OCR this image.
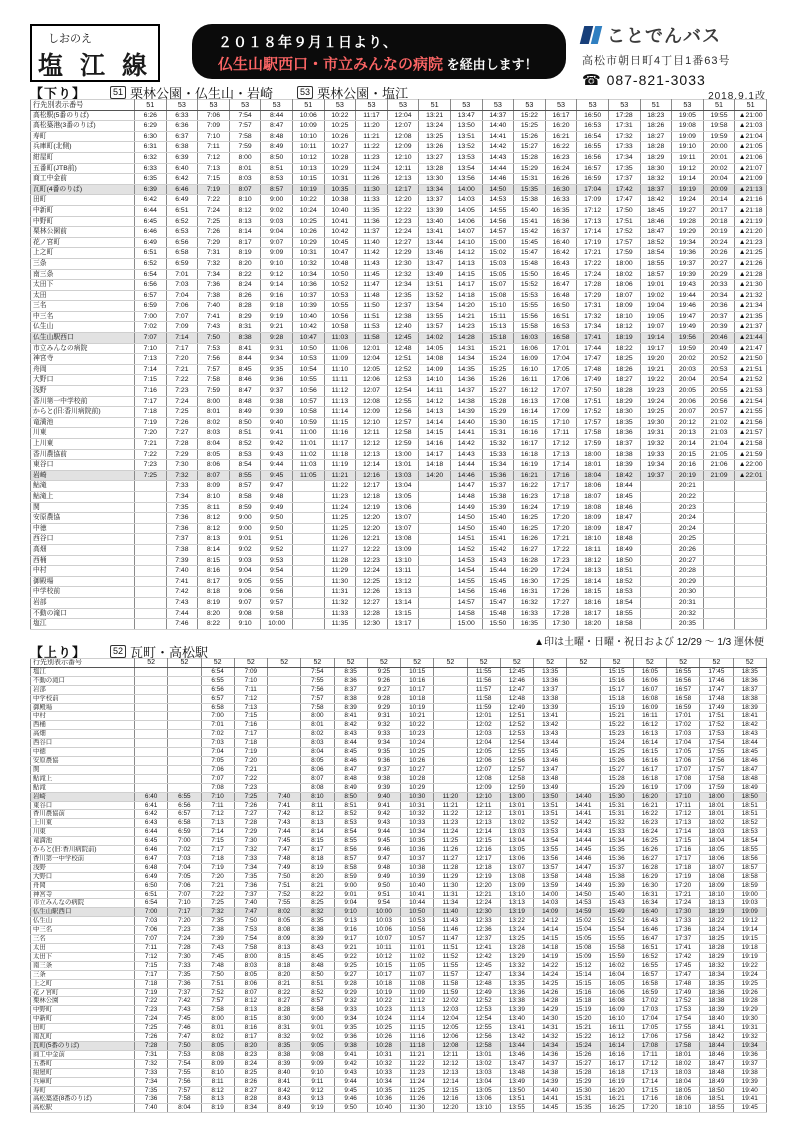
しおのえ
塩 江 線
２０１８年９月１日より、
仏生山駅西口・市立みんなの病院 を経由します！
ことでんバス
高松市朝日町4丁目1番63号
☎ 087-821-3033
【下り】	51 栗林公園・仏生山・岩崎	53 栗林公園・塩江	2018.9.1改
行先別表示番号	51	53	53	53	53	51	53	53	53	51	53	53	53	53	53	53	51	53	51	51
高松駅(5番のりば)	6:26	6:33	7:06	7:54	8:44	10:06	10:22	11:17	12:04	13:21	13:47	14:37	15:22	16:17	16:50	17:28	18:23	19:05	19:55	▲21:00
高松築港(3番のりば)	6:29	6:36	7:09	7:57	8:47	10:09	10:25	11:20	12:07	13:24	13:50	14:40	15:25	16:20	16:53	17:31	18:26	19:08	19:58	▲21:03
寿町	6:30	6:37	7:10	7:58	8:48	10:10	10:26	11:21	12:08	13:25	13:51	14:41	15:26	16:21	16:54	17:32	18:27	19:09	19:59	▲21:04
兵庫町(北側)	6:31	6:38	7:11	7:59	8:49	10:11	10:27	11:22	12:09	13:26	13:52	14:42	15:27	16:22	16:55	17:33	18:28	19:10	20:00	▲21:05
紺屋町	6:32	6:39	7:12	8:00	8:50	10:12	10:28	11:23	12:10	13:27	13:53	14:43	15:28	16:23	16:56	17:34	18:29	19:11	20:01	▲21:06
五番町(JTB前)	6:33	6:40	7:13	8:01	8:51	10:13	10:29	11:24	12:11	13:28	13:54	14:44	15:29	16:24	16:57	17:35	18:30	19:12	20:02	▲21:07
商工中金前	6:35	6:42	7:15	8:03	8:53	10:15	10:31	11:26	12:13	13:30	13:56	14:46	15:31	16:26	16:59	17:37	18:32	19:14	20:04	▲21:09
瓦町(4番のりば)	6:39	6:46	7:19	8:07	8:57	10:19	10:35	11:30	12:17	13:34	14:00	14:50	15:35	16:30	17:04	17:42	18:37	19:19	20:09	▲21:13
田町	6:42	6:49	7:22	8:10	9:00	10:22	10:38	11:33	12:20	13:37	14:03	14:53	15:38	16:33	17:09	17:47	18:42	19:24	20:14	▲21:16
中新町	6:44	6:51	7:24	8:12	9:02	10:24	10:40	11:35	12:22	13:39	14:05	14:55	15:40	16:35	17:12	17:50	18:45	19:27	20:17	▲21:18
中野町	6:45	6:52	7:25	8:13	9:03	10:25	10:41	11:36	12:23	13:40	14:06	14:56	15:41	16:36	17:13	17:51	18:46	19:28	20:18	▲21:19
栗林公園前	6:46	6:53	7:26	8:14	9:04	10:26	10:42	11:37	12:24	13:41	14:07	14:57	15:42	16:37	17:14	17:52	18:47	19:29	20:19	▲21:20
花ノ宮町	6:49	6:56	7:29	8:17	9:07	10:29	10:45	11:40	12:27	13:44	14:10	15:00	15:45	16:40	17:19	17:57	18:52	19:34	20:24	▲21:23
上之町	6:51	6:58	7:31	8:19	9:09	10:31	10:47	11:42	12:29	13:46	14:12	15:02	15:47	16:42	17:21	17:59	18:54	19:36	20:26	▲21:25
三条	6:52	6:59	7:32	8:20	9:10	10:32	10:48	11:43	12:30	13:47	14:13	15:03	15:48	16:43	17:22	18:00	18:55	19:37	20:27	▲21:26
南三条	6:54	7:01	7:34	8:22	9:12	10:34	10:50	11:45	12:32	13:49	14:15	15:05	15:50	16:45	17:24	18:02	18:57	19:39	20:29	▲21:28
太田下	6:56	7:03	7:36	8:24	9:14	10:36	10:52	11:47	12:34	13:51	14:17	15:07	15:52	16:47	17:28	18:06	19:01	19:43	20:33	▲21:30
太田	6:57	7:04	7:38	8:26	9:16	10:37	10:53	11:48	12:35	13:52	14:18	15:08	15:53	16:48	17:29	18:07	19:02	19:44	20:34	▲21:32
三名	6:59	7:06	7:40	8:28	9:18	10:39	10:55	11:50	12:37	13:54	14:20	15:10	15:55	16:50	17:31	18:09	19:04	19:46	20:36	▲21:34
中三名	7:00	7:07	7:41	8:29	9:19	10:40	10:56	11:51	12:38	13:55	14:21	15:11	15:56	16:51	17:32	18:10	19:05	19:47	20:37	▲21:35
仏生山	7:02	7:09	7:43	8:31	9:21	10:42	10:58	11:53	12:40	13:57	14:23	15:13	15:58	16:53	17:34	18:12	19:07	19:49	20:39	▲21:37
仏生山駅西口	7:07	7:14	7:50	8:38	9:28	10:47	11:03	11:58	12:45	14:02	14:28	15:18	16:03	16:58	17:41	18:19	19:14	19:56	20:46	▲21:44
市立みんなの病院	7:10	7:17	7:53	8:41	9:31	10:50	11:06	12:01	12:48	14:05	14:31	15:21	16:06	17:01	17:44	18:22	19:17	19:59	20:49	▲21:47
神宮寺	7:13	7:20	7:56	8:44	9:34	10:53	11:09	12:04	12:51	14:08	14:34	15:24	16:09	17:04	17:47	18:25	19:20	20:02	20:52	▲21:50
舟岡	7:14	7:21	7:57	8:45	9:35	10:54	11:10	12:05	12:52	14:09	14:35	15:25	16:10	17:05	17:48	18:26	19:21	20:03	20:53	▲21:51
大野口	7:15	7:22	7:58	8:46	9:36	10:55	11:11	12:06	12:53	14:10	14:36	15:26	16:11	17:06	17:49	18:27	19:22	20:04	20:54	▲21:52
浅野	7:16	7:23	7:59	8:47	9:37	10:56	11:12	12:07	12:54	14:11	14:37	15:27	16:12	17:07	17:50	18:28	19:23	20:05	20:55	▲21:53
香川第一中学校前	7:17	7:24	8:00	8:48	9:38	10:57	11:13	12:08	12:55	14:12	14:38	15:28	16:13	17:08	17:51	18:29	19:24	20:06	20:56	▲21:54
からと(旧:香川病院前)	7:18	7:25	8:01	8:49	9:39	10:58	11:14	12:09	12:56	14:13	14:39	15:29	16:14	17:09	17:52	18:30	19:25	20:07	20:57	▲21:55
竜満池	7:19	7:26	8:02	8:50	9:40	10:59	11:15	12:10	12:57	14:14	14:40	15:30	16:15	17:10	17:57	18:35	19:30	20:12	21:02	▲21:56
川東	7:20	7:27	8:03	8:51	9:41	11:00	11:16	12:11	12:58	14:15	14:41	15:31	16:16	17:11	17:58	18:36	19:31	20:13	21:03	▲21:57
上川東	7:21	7:28	8:04	8:52	9:42	11:01	11:17	12:12	12:59	14:16	14:42	15:32	16:17	17:12	17:59	18:37	19:32	20:14	21:04	▲21:58
香川農協前	7:22	7:29	8:05	8:53	9:43	11:02	11:18	12:13	13:00	14:17	14:43	15:33	16:18	17:13	18:00	18:38	19:33	20:15	21:05	▲21:59
東谷口	7:23	7:30	8:06	8:54	9:44	11:03	11:19	12:14	13:01	14:18	14:44	15:34	16:19	17:14	18:01	18:39	19:34	20:16	21:06	▲22:00
岩崎	7:25	7:32	8:07	8:55	9:45	11:05	11:21	12:16	13:03	14:20	14:46	15:36	16:21	17:16	18:04	18:42	19:37	20:19	21:09	▲22:01
鮎滝		7:33	8:09	8:57	9:47		11:22	12:17	13:04		14:47	15:37	16:22	17:17	18:06	18:44		20:21		
鮎滝上		7:34	8:10	8:58	9:48		11:23	12:18	13:05		14:48	15:38	16:23	17:18	18:07	18:45		20:22		
関		7:35	8:11	8:59	9:49		11:24	12:19	13:06		14:49	15:39	16:24	17:19	18:08	18:46		20:23		
安原農協		7:36	8:12	9:00	9:50		11:25	12:20	13:07		14:50	15:40	16:25	17:20	18:09	18:47		20:24		
中徳		7:36	8:12	9:00	9:50		11:25	12:20	13:07		14:50	15:40	16:25	17:20	18:09	18:47		20:24		
西谷口		7:37	8:13	9:01	9:51		11:26	12:21	13:08		14:51	15:41	16:26	17:21	18:10	18:48		20:25		
高畑		7:38	8:14	9:02	9:52		11:27	12:22	13:09		14:52	15:42	16:27	17:22	18:11	18:49		20:26		
西桶		7:39	8:15	9:03	9:53		11:28	12:23	13:10		14:53	15:43	16:28	17:23	18:12	18:50		20:27		
中村		7:40	8:16	9:04	9:54		11:29	12:24	13:11		14:54	15:44	16:29	17:24	18:13	18:51		20:28		
御殿場		7:41	8:17	9:05	9:55		11:30	12:25	13:12		14:55	15:45	16:30	17:25	18:14	18:52		20:29		
中学校前		7:42	8:18	9:06	9:56		11:31	12:26	13:13		14:56	15:46	16:31	17:26	18:15	18:53		20:30		
岩部		7:43	8:19	9:07	9:57		11:32	12:27	13:14		14:57	15:47	16:32	17:27	18:16	18:54		20:31		
不動の滝口		7:44	8:20	9:08	9:58		11:33	12:28	13:15		14:58	15:48	16:33	17:28	18:17	18:55		20:32		
塩江		7:46	8:22	9:10	10:00		11:35	12:30	13:17		15:00	15:50	16:35	17:30	18:20	18:58		20:35		
▲印は土曜・日曜・祝日および 12/29 〜 1/3 運休便
【上り】	52 瓦町・高松駅
行先別表示番号	52	52	52	52	52	52	52	52	52	52	52	52	52	52	52	52	52	52	52
塩江			6:54	7:09		7:54	8:35	9:25	10:15		11:55	12:45	13:35		15:15	16:05	16:55	17:45	18:35
不動の滝口			6:55	7:10		7:55	8:36	9:26	10:16		11:56	12:46	13:36		15:16	16:06	16:56	17:46	18:36
岩部			6:56	7:11		7:56	8:37	9:27	10:17		11:57	12:47	13:37		15:17	16:07	16:57	17:47	18:37
中学校前			6:57	7:12		7:57	8:38	9:28	10:18		11:58	12:48	13:38		15:18	16:08	16:58	17:48	18:38
御殿場			6:58	7:13		7:58	8:39	9:29	10:19		11:59	12:49	13:39		15:19	16:09	16:59	17:49	18:39
中村			7:00	7:15		8:00	8:41	9:31	10:21		12:01	12:51	13:41		15:21	16:11	17:01	17:51	18:41
西桶			7:01	7:16		8:01	8:42	9:32	10:22		12:02	12:52	13:42		15:22	16:12	17:02	17:52	18:42
高畑			7:02	7:17		8:02	8:43	9:33	10:23		12:03	12:53	13:43		15:23	16:13	17:03	17:53	18:43
西谷口			7:03	7:18		8:03	8:44	9:34	10:24		12:04	12:54	13:44		15:24	16:14	17:04	17:54	18:44
中徳			7:04	7:19		8:04	8:45	9:35	10:25		12:05	12:55	13:45		15:25	16:15	17:05	17:55	18:45
安原農協			7:05	7:20		8:05	8:46	9:36	10:26		12:06	12:56	13:46		15:26	16:16	17:06	17:56	18:46
関			7:06	7:21		8:06	8:47	9:37	10:27		12:07	12:57	13:47		15:27	16:17	17:07	17:57	18:47
鮎滝上			7:07	7:22		8:07	8:48	9:38	10:28		12:08	12:58	13:48		15:28	16:18	17:08	17:58	18:48
鮎滝			7:08	7:23		8:08	8:49	9:39	10:29		12:09	12:59	13:49		15:29	16:19	17:09	17:59	18:49
岩崎	6:40	6:55	7:10	7:25	7:40	8:10	8:50	9:40	10:30	11:20	12:10	13:00	13:50	14:40	15:30	16:20	17:10	18:00	18:50
東谷口	6:41	6:56	7:11	7:26	7:41	8:11	8:51	9:41	10:31	11:21	12:11	13:01	13:51	14:41	15:31	16:21	17:11	18:01	18:51
香川農協前	6:42	6:57	7:12	7:27	7:42	8:12	8:52	9:42	10:32	11:22	12:12	13:01	13:51	14:41	15:31	16:22	17:12	18:01	18:51
上川東	6:43	6:58	7:13	7:28	7:43	8:13	8:53	9:43	10:33	11:23	12:13	13:02	13:52	14:42	15:32	16:23	17:13	18:02	18:52
川東	6:44	6:59	7:14	7:29	7:44	8:14	8:54	9:44	10:34	11:24	12:14	13:03	13:53	14:43	15:33	16:24	17:14	18:03	18:53
竜満池	6:45	7:00	7:15	7:30	7:45	8:15	8:55	9:45	10:35	11:25	12:15	13:04	13:54	14:44	15:34	16:25	17:15	18:04	18:54
からと(旧:香川病院前)	6:46	7:02	7:17	7:32	7:47	8:17	8:56	9:46	10:36	11:26	12:16	13:05	13:55	14:45	15:35	16:26	17:16	18:05	18:55
香川第一中学校前	6:47	7:03	7:18	7:33	7:48	8:18	8:57	9:47	10:37	11:27	12:17	13:06	13:56	14:46	15:36	16:27	17:17	18:06	18:56
浅野	6:48	7:04	7:19	7:34	7:49	8:19	8:58	9:48	10:38	11:28	12:18	13:07	13:57	14:47	15:37	16:28	17:18	18:07	18:57
大野口	6:49	7:05	7:20	7:35	7:50	8:20	8:59	9:49	10:39	11:29	12:19	13:08	13:58	14:48	15:38	16:29	17:19	18:08	18:58
舟岡	6:50	7:06	7:21	7:36	7:51	8:21	9:00	9:50	10:40	11:30	12:20	13:09	13:59	14:49	15:39	16:30	17:20	18:09	18:59
神宮寺	6:51	7:07	7:22	7:37	7:52	8:22	9:01	9:51	10:41	11:31	12:21	13:10	14:00	14:50	15:40	16:31	17:21	18:10	19:00
市立みんなの病院	6:54	7:10	7:25	7:40	7:55	8:25	9:04	9:54	10:44	11:34	12:24	13:13	14:03	14:53	15:43	16:34	17:24	18:13	19:03
仏生山駅西口	7:00	7:17	7:32	7:47	8:02	8:32	9:10	10:00	10:50	11:40	12:30	13:19	14:09	14:59	15:49	16:40	17:30	18:19	19:09
仏生山	7:03	7:20	7:35	7:50	8:05	8:35	9:13	10:03	10:53	11:43	12:33	13:22	14:12	15:02	15:52	16:43	17:33	18:22	19:12
中三名	7:06	7:23	7:38	7:53	8:08	8:38	9:16	10:06	10:56	11:46	12:36	13:24	14:14	15:04	15:54	16:46	17:36	18:24	19:14
三名	7:07	7:24	7:39	7:54	8:09	8:39	9:17	10:07	10:57	11:47	12:37	13:25	14:15	15:05	15:55	16:47	17:37	18:25	19:15
太田	7:11	7:28	7:43	7:58	8:13	8:43	9:21	10:11	11:01	11:51	12:41	13:28	14:18	15:08	15:58	16:51	17:41	18:28	19:18
太田下	7:12	7:30	7:45	8:00	8:15	8:45	9:22	10:12	11:02	11:52	12:42	13:29	14:19	15:09	15:59	16:52	17:42	18:29	19:19
南三条	7:15	7:33	7:48	8:03	8:18	8:48	9:25	10:15	11:05	11:55	12:45	13:32	14:22	15:12	16:02	16:55	17:45	18:32	19:22
三条	7:17	7:35	7:50	8:05	8:20	8:50	9:27	10:17	11:07	11:57	12:47	13:34	14:24	15:14	16:04	16:57	17:47	18:34	19:24
上之町	7:18	7:36	7:51	8:06	8:21	8:51	9:28	10:18	11:08	11:58	12:48	13:35	14:25	15:15	16:05	16:58	17:48	18:35	19:25
花ノ宮町	7:19	7:37	7:52	8:07	8:22	8:52	9:29	10:19	11:09	11:59	12:49	13:36	14:26	15:16	16:06	16:59	17:49	18:36	19:26
栗林公園	7:22	7:42	7:57	8:12	8:27	8:57	9:32	10:22	11:12	12:02	12:52	13:38	14:28	15:18	16:08	17:02	17:52	18:38	19:28
中野町	7:23	7:43	7:58	8:13	8:28	8:58	9:33	10:23	11:13	12:03	12:53	13:39	14:29	15:19	16:09	17:03	17:53	18:39	19:29
中新町	7:24	7:45	8:00	8:15	8:30	9:00	9:34	10:24	11:14	12:04	12:54	13:40	14:30	15:20	16:10	17:04	17:54	18:40	19:30
田町	7:25	7:46	8:01	8:16	8:31	9:01	9:35	10:25	11:15	12:05	12:55	13:41	14:31	15:21	16:11	17:05	17:55	18:41	19:31
南瓦町	7:26	7:47	8:02	8:17	8:32	9:02	9:36	10:26	11:16	12:06	12:56	13:42	14:32	15:22	16:12	17:06	17:56	18:42	19:32
瓦町(5番のりば)	7:28	7:50	8:05	8:20	8:35	9:05	9:38	10:28	11:18	12:08	12:58	13:44	14:34	15:24	16:14	17:08	17:58	18:44	19:34
商工中金前	7:31	7:53	8:08	8:23	8:38	9:08	9:41	10:31	11:21	12:11	13:01	13:46	14:36	15:26	16:16	17:11	18:01	18:46	19:36
五番町	7:32	7:54	8:09	8:24	8:39	9:09	9:42	10:32	11:22	12:12	13:02	13:47	14:37	15:27	16:17	17:12	18:02	18:47	19:37
紺屋町	7:33	7:55	8:10	8:25	8:40	9:10	9:43	10:33	11:23	12:13	13:03	13:48	14:38	15:28	16:18	17:13	18:03	18:48	19:38
兵庫町	7:34	7:56	8:11	8:26	8:41	9:11	9:44	10:34	11:24	12:14	13:04	13:49	14:39	15:29	16:19	17:14	18:04	18:49	19:39
寿町	7:35	7:57	8:12	8:27	8:42	9:12	9:45	10:35	11:25	12:15	13:05	13:50	14:40	15:30	16:20	17:15	18:05	18:50	19:40
高松築港(8番のりば)	7:36	7:58	8:13	8:28	8:43	9:13	9:46	10:36	11:26	12:16	13:06	13:51	14:41	15:31	16:21	17:16	18:06	18:51	19:41
高松駅	7:40	8:04	8:19	8:34	8:49	9:19	9:50	10:40	11:30	12:20	13:10	13:55	14:45	15:35	16:25	17:20	18:10	18:55	19:45
